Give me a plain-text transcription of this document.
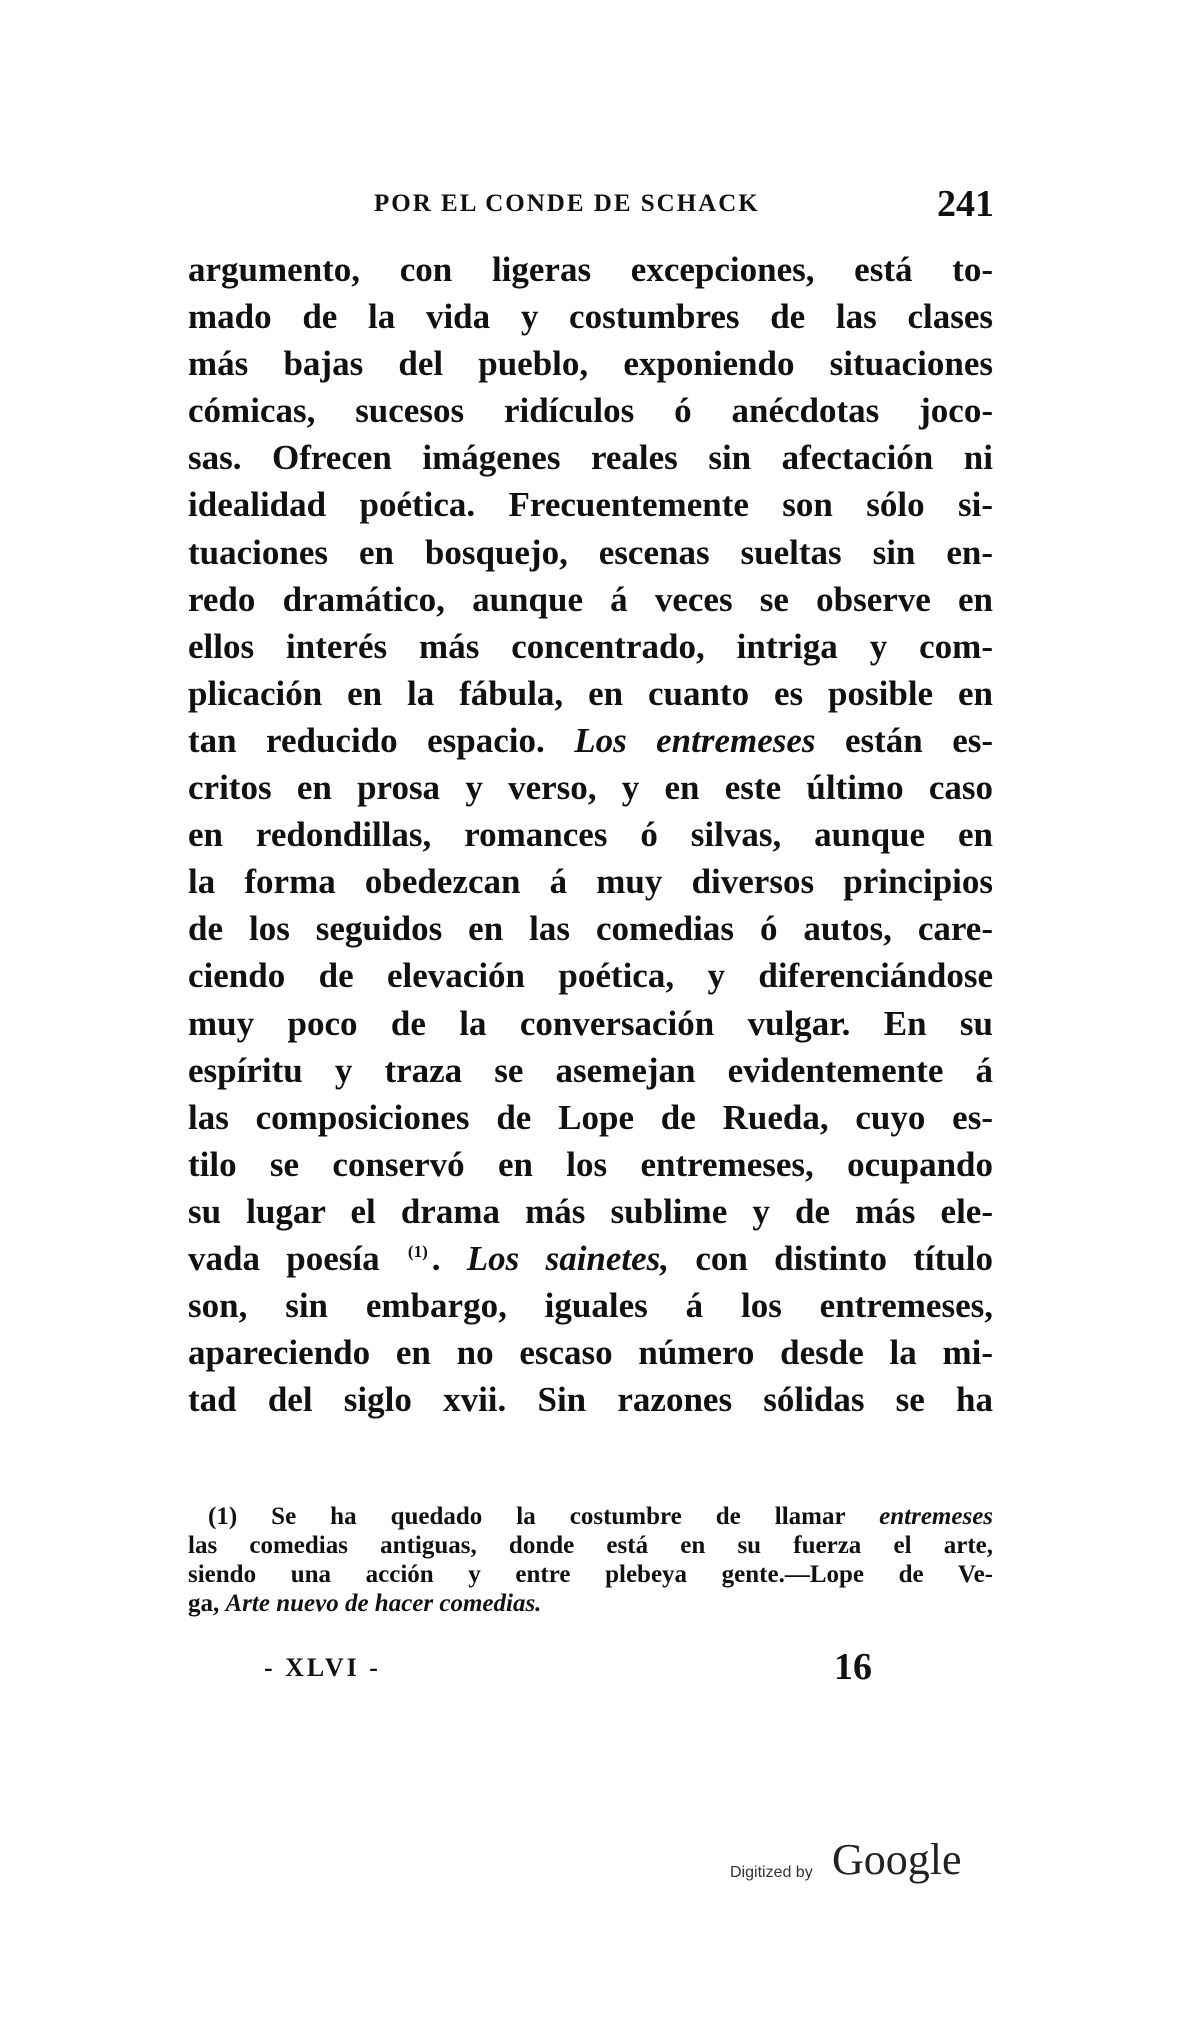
POR EL CONDE DE SCHACK	241
argumento, con ligeras excepciones, está to-
mado de la vida y costumbres de las clases
más bajas del pueblo, exponiendo situaciones
cómicas, sucesos ridículos ó anécdotas joco-
sas. Ofrecen imágenes reales sin afectación ni
idealidad poética. Frecuentemente son sólo si-
tuaciones en bosquejo, escenas sueltas sin en-
redo dramático, aunque á veces se observe en
ellos interés más concentrado, intriga y com-
plicación en la fábula, en cuanto es posible en
tan reducido espacio. Los entremeses están es-
critos en prosa y verso, y en este último caso
en redondillas, romances ó silvas, aunque en
la forma obedezcan á muy diversos principios
de los seguidos en las comedias ó autos, care-
ciendo de elevación poética, y diferenciándose
muy poco de la conversación vulgar. En su
espíritu y traza se asemejan evidentemente á
las composiciones de Lope de Rueda, cuyo es-
tilo se conservó en los entremeses, ocupando
su lugar el drama más sublime y de más ele-
vada poesía $^{(1)}$ . Los sainetes, con distinto título
son, sin embargo, iguales á los entremeses,
apareciendo en no escaso número desde la mi-
tad del siglo xvii. Sin razones sólidas se ha
(1) Se ha quedado la costumbre de llamar entremeses
las comedias antiguas, donde está en su fuerza el arte,
siendo una acción y entre plebeya gente.—Lope de Ve-
ga, Arte nuevo de hacer comedias.
- XLVI -	16
Digitized by Google
